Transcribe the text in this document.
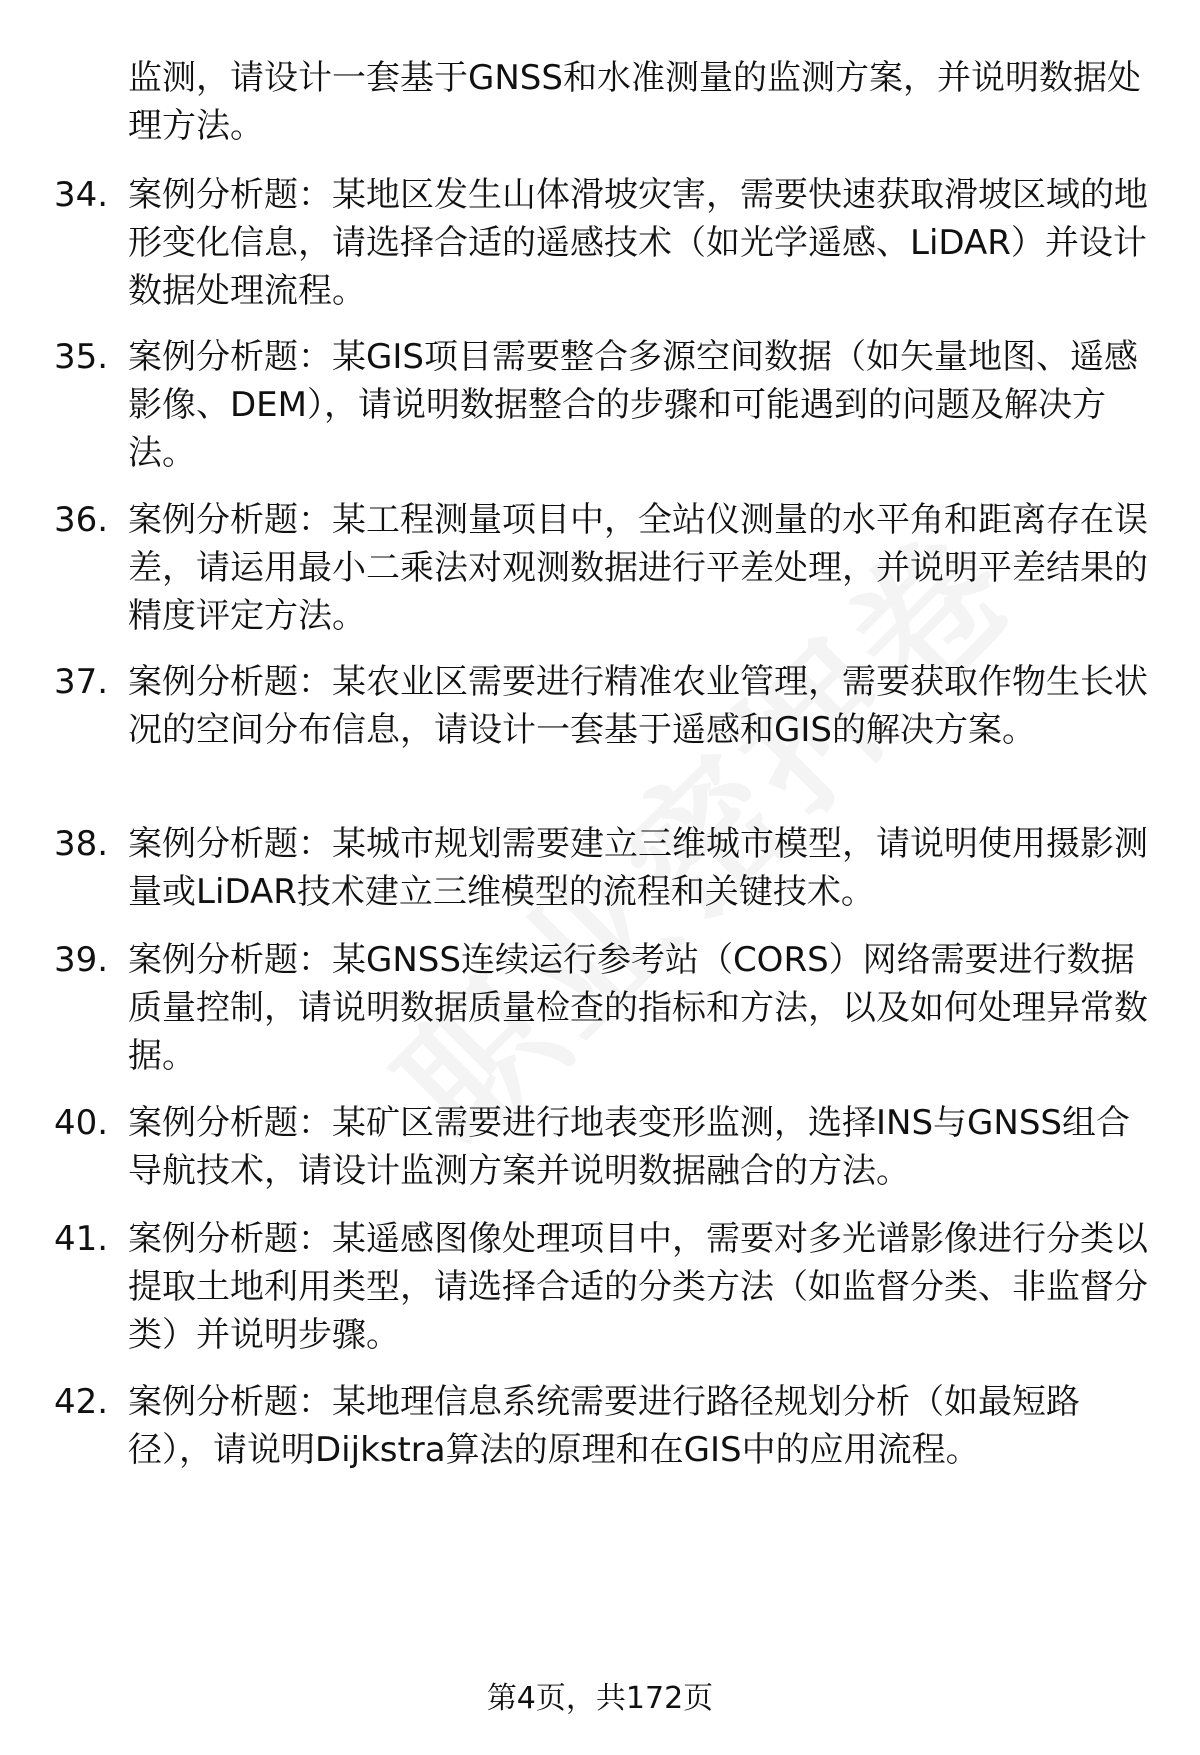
监测，请设计一套基于GNSS和水准测量的监测方案，并说明数据处理方法。
34. 案例分析题：某地区发生山体滑坡灾害，需要快速获取滑坡区域的地形变化信息，请选择合适的遥感技术（如光学遥感、LiDAR）并设计数据处理流程。
35. 案例分析题：某GIS项目需要整合多源空间数据（如矢量地图、遥感影像、DEM），请说明数据整合的步骤和可能遇到的问题及解决方法。
36. 案例分析题：某工程测量项目中，全站仪测量的水平角和距离存在误差，请运用最小二乘法对观测数据进行平差处理，并说明平差结果的精度评定方法。
37. 案例分析题：某农业区需要进行精准农业管理，需要获取作物生长状况的空间分布信息，请设计一套基于遥感和GIS的解决方案。
38. 案例分析题：某城市规划需要建立三维城市模型，请说明使用摄影测量或LiDAR技术建立三维模型的流程和关键技术。
39. 案例分析题：某GNSS连续运行参考站（CORS）网络需要进行数据质量控制，请说明数据质量检查的指标和方法，以及如何处理异常数据。
40. 案例分析题：某矿区需要进行地表变形监测，选择INS与GNSS组合导航技术，请设计监测方案并说明数据融合的方法。
41. 案例分析题：某遥感图像处理项目中，需要对多光谱影像进行分类以提取土地利用类型，请选择合适的分类方法（如监督分类、非监督分类）并说明步骤。
42. 案例分析题：某地理信息系统需要进行路径规划分析（如最短路径），请说明Dijkstra算法的原理和在GIS中的应用流程。
第4页，共172页
